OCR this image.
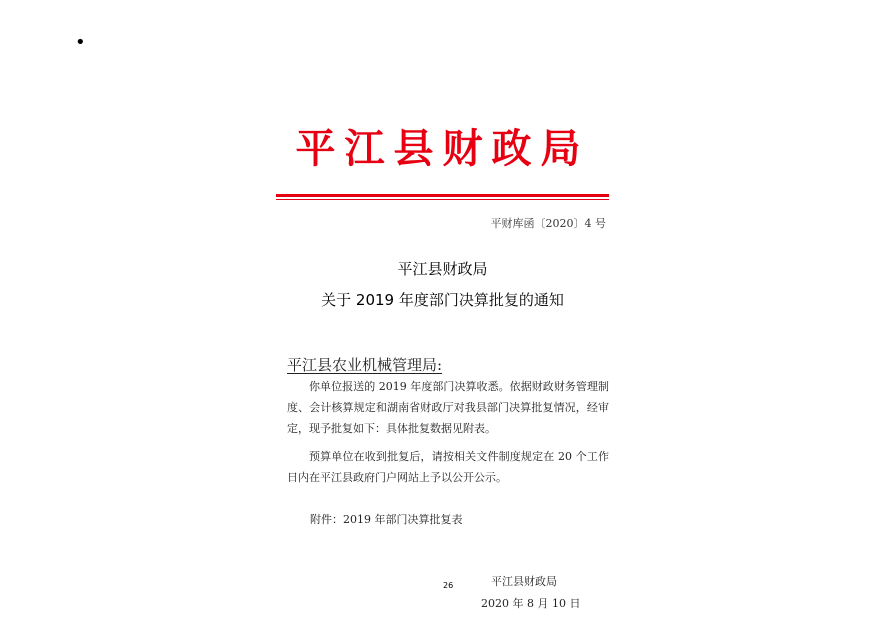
•
平江县财政局
平财库函〔2020〕4 号
平江县财政局
关于 2019 年度部门决算批复的通知
平江县农业机械管理局:
你单位报送的 2019 年度部门决算收悉。依据财政财务管理制度、会计核算规定和湖南省财政厅对我县部门决算批复情况，经审定，现予批复如下：具体批复数据见附表。
预算单位在收到批复后，请按相关文件制度规定在 20 个工作日内在平江县政府门户网站上予以公开公示。
附件：2019 年部门决算批复表
26	平江县财政局
2020 年 8 月 10 日
